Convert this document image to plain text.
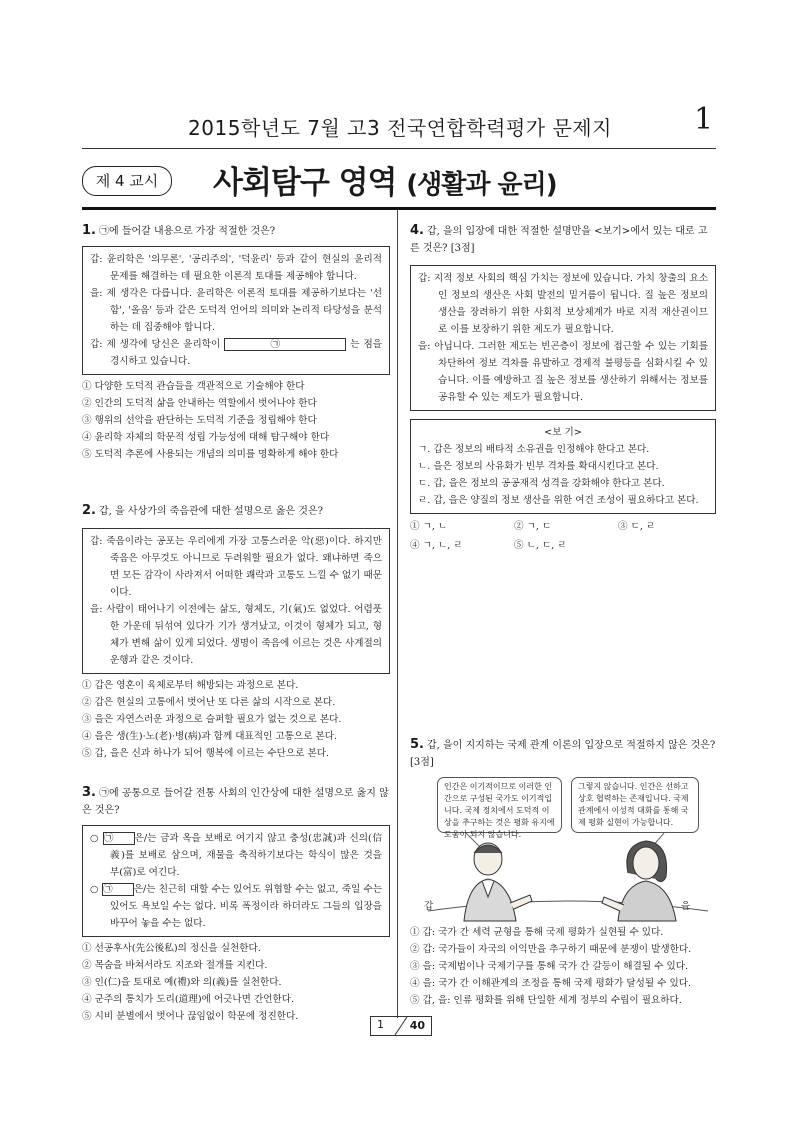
2015학년도 7월 고3 전국연합학력평가 문제지	1
제 4 교시	사회탐구 영역 (생활과 윤리)
1. ㉠에 들어갈 내용으로 가장 적절한 것은?

갑: 윤리학은 '의무론', '공리주의', '덕윤리' 등과 같이 현실의 윤리적 문제를 해결하는 데 필요한 이론적 토대를 제공해야 합니다.

을: 제 생각은 다릅니다. 윤리학은 이론적 토대를 제공하기보다는 '선함', '올음' 등과 같은 도덕적 언어의 의미와 논리적 타당성을 분석하는 데 집중해야 합니다.

갑: 제 생각에 당신은 윤리학이	㉠	는 점을 경시하고 있습니다.

① 다양한 도덕적 관습들을 객관적으로 기술해야 한다

② 인간의 도덕적 삶을 안내하는 역할에서 벗어나야 한다

③ 행위의 선악을 판단하는 도덕적 기준을 정립해야 한다

④ 윤리학 자체의 학문적 성립 가능성에 대해 탐구해야 한다

⑤ 도덕적 추론에 사용되는 개념의 의미를 명확하게 해야 한다

2. 갑, 을 사상가의 죽음관에 대한 설명으로 옳은 것은?

갑: 죽음이라는 공포는 우리에게 가장 고통스러운 악(惡)이다. 하지만 죽음은 아무것도 아니므로 두려워할 필요가 없다. 왜냐하면 죽으면 모든 감각이 사라져서 어떠한 쾌락과 고통도 느낄 수 없기 때문이다.

을: 사람이 태어나기 이전에는 삶도, 형체도, 기(氣)도 없었다. 어렴풋한 가운데 뒤섞여 있다가 기가 생겨났고, 이것이 형체가 되고, 형체가 변해 삶이 있게 되었다. 생명이 죽음에 이르는 것은 사계절의 운행과 같은 것이다.

① 갑은 영혼이 육체로부터 해방되는 과정으로 본다.

② 갑은 현실의 고통에서 벗어난 또 다른 삶의 시작으로 본다.

③ 을은 자연스러운 과정으로 슬퍼할 필요가 없는 것으로 본다.

④ 을은 생(生)·노(老)·병(病)과 함께 대표적인 고통으로 본다.

⑤ 갑, 을은 신과 하나가 되어 행복에 이르는 수단으로 본다.

3. ㉠에 공통으로 들어갈 전통 사회의 인간상에 대한 설명으로 옳지 않은 것은?

○ ㉠ 은/는 금과 옥을 보배로 여기지 않고 충성(忠誠)과 신의(信義)를 보배로 삼으며, 재물을 축적하기보다는 학식이 많은 것을 부(富)로 여긴다.

○ ㉠ 은/는 친근히 대할 수는 있어도 위협할 수는 없고, 죽일 수는 있어도 욕보일 수는 없다. 비록 폭정이라 하더라도 그들의 입장을 바꾸어 놓을 수는 없다.

① 선공후사(先公後私)의 정신을 실천한다.

② 목숨을 바쳐서라도 지조와 절개를 지킨다.

③ 인(仁)을 토대로 예(禮)와 의(義)를 실천한다.

④ 군주의 통치가 도리(道理)에 어긋나면 간언한다.

⑤ 시비 분별에서 벗어나 끊임없이 학문에 정진한다.

4. 갑, 을의 입장에 대한 적절한 설명만을 <보기>에서 있는 대로 고른 것은? [3점]

갑: 지적 정보 사회의 핵심 가치는 정보에 있습니다. 가치 창출의 요소인 정보의 생산은 사회 발전의 밑거름이 됩니다. 질 높은 정보의 생산을 장려하기 위한 사회적 보상체계가 바로 지적 재산권이므로 이를 보장하기 위한 제도가 필요합니다.

을: 아닙니다. 그러한 제도는 빈곤층이 정보에 접근할 수 있는 기회를 차단하여 정보 격차를 유발하고 경제적 불평등을 심화시킬 수 있습니다. 이를 예방하고 질 높은 정보를 생산하기 위해서는 정보를 공유할 수 있는 제도가 필요합니다.

<보 기>

ㄱ. 갑은 정보의 배타적 소유권을 인정해야 한다고 본다.

ㄴ. 을은 정보의 사유화가 빈부 격차를 확대시킨다고 본다.

ㄷ. 갑, 을은 정보의 공공재적 성격을 강화해야 한다고 본다.

ㄹ. 갑, 을은 양질의 정보 생산을 위한 여건 조성이 필요하다고 본다.

① ㄱ, ㄴ	② ㄱ, ㄷ	③ ㄷ, ㄹ
④ ㄱ, ㄴ, ㄹ	⑤ ㄴ, ㄷ, ㄹ
5. 갑, 을이 지지하는 국제 관계 이론의 입장으로 적절하지 않은 것은? [3점]
인간은 이기적이므로 이러한 인간으로 구성된 국가도 이기적입니다. 국제 정치에서 도덕적 이상을 추구하는 것은 평화 유지에 도움이 되지 않습니다.
그렇지 않습니다. 인간은 선하고 상호 협력하는 존재입니다. 국제 관계에서 이성적 대화를 통해 국제 평화 실현이 가능합니다.
갑	을

① 갑: 국가 간 세력 균형을 통해 국제 평화가 실현될 수 있다.

② 갑: 국가들이 자국의 이익만을 추구하기 때문에 분쟁이 발생한다.

③ 을: 국제법이나 국제기구를 통해 국가 간 갈등이 해결될 수 있다.

④ 을: 국가 간 이해관계의 조정을 통해 국제 평화가 달성될 수 있다.

⑤ 갑, 을: 인류 평화를 위해 단일한 세계 정부의 수립이 필요하다.

1 40
